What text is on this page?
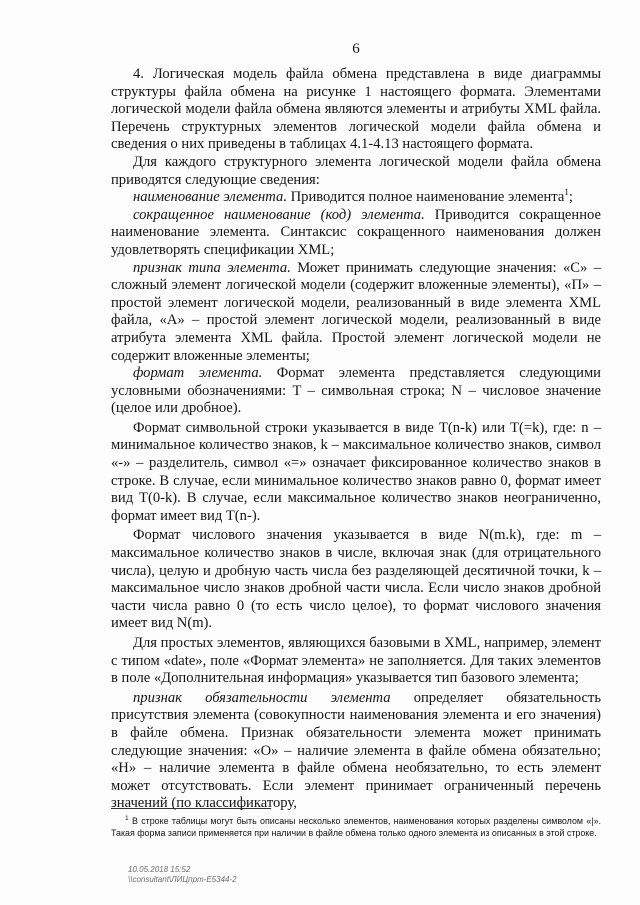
6

4. Логическая модель файла обмена представлена в виде диаграммы структуры файла обмена на рисунке 1 настоящего формата. Элементами логической модели файла обмена являются элементы и атрибуты XML файла. Перечень структурных элементов логической модели файла обмена и сведения о них приведены в таблицах 4.1-4.13 настоящего формата.

Для каждого структурного элемента логической модели файла обмена приводятся следующие сведения:

наименование элемента. Приводится полное наименование элемента$^1$;

сокращенное наименование (код) элемента. Приводится сокращенное наименование элемента. Синтаксис сокращенного наименования должен удовлетворять спецификации XML;

признак типа элемента. Может принимать следующие значения: «С» – сложный элемент логической модели (содержит вложенные элементы), «П» – простой элемент логической модели, реализованный в виде элемента XML файла, «А» – простой элемент логической модели, реализованный в виде атрибута элемента XML файла. Простой элемент логической модели не содержит вложенные элементы;

формат элемента. Формат элемента представляется следующими условными обозначениями: T – символьная строка; N – числовое значение (целое или дробное).

Формат символьной строки указывается в виде T(n-k) или T(=k), где: n – минимальное количество знаков, k – максимальное количество знаков, символ «-» – разделитель, символ «=» означает фиксированное количество знаков в строке. В случае, если минимальное количество знаков равно 0, формат имеет вид T(0-k). В случае, если максимальное количество знаков неограниченно, формат имеет вид T(n-).

Формат числового значения указывается в виде N(m.k), где: m – максимальное количество знаков в числе, включая знак (для отрицательного числа), целую и дробную часть числа без разделяющей десятичной точки, k – максимальное число знаков дробной части числа. Если число знаков дробной части числа равно 0 (то есть число целое), то формат числового значения имеет вид N(m).

Для простых элементов, являющихся базовыми в XML, например, элемент с типом «date», поле «Формат элемента» не заполняется. Для таких элементов в поле «Дополнительная информация» указывается тип базового элемента;

признак обязательности элемента определяет обязательность присутствия элемента (совокупности наименования элемента и его значения) в файле обмена. Признак обязательности элемента может принимать следующие значения: «О» – наличие элемента в файле обмена обязательно; «Н» – наличие элемента в файле обмена необязательно, то есть элемент может отсутствовать. Если элемент принимает ограниченный перечень значений (по классификатору,

$^1$ В строке таблицы могут быть описаны несколько элементов, наименования которых разделены символом «|». Такая форма записи применяется при наличии в файле обмена только одного элемента из описанных в этой строке.

10.05.2018 15:52
\\consultant\ЛИЦпрт-Е5344-2
